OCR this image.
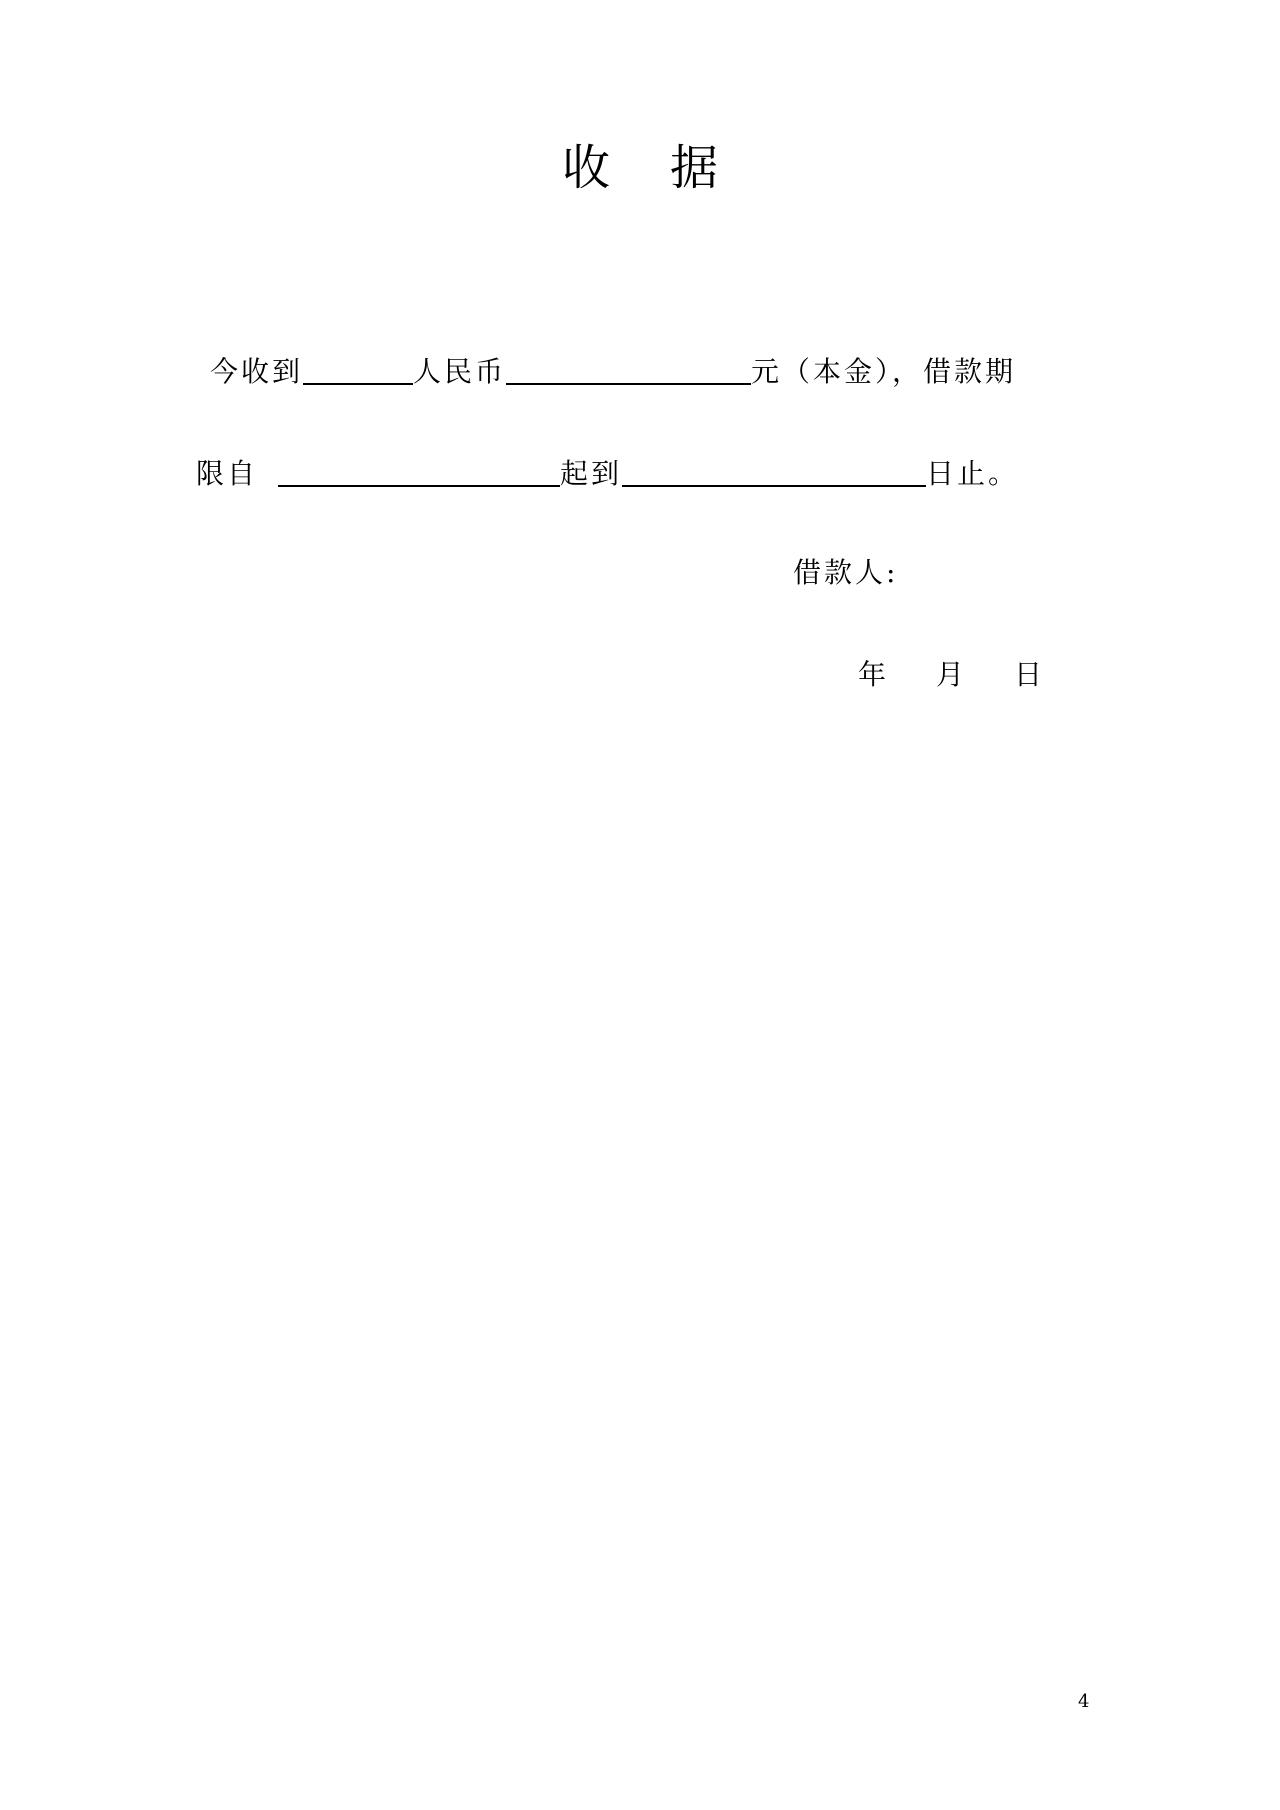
收 据
今收到	人民币	元（本金），借款期
限自	起到	日止。
借款人:
年 月 日
4
